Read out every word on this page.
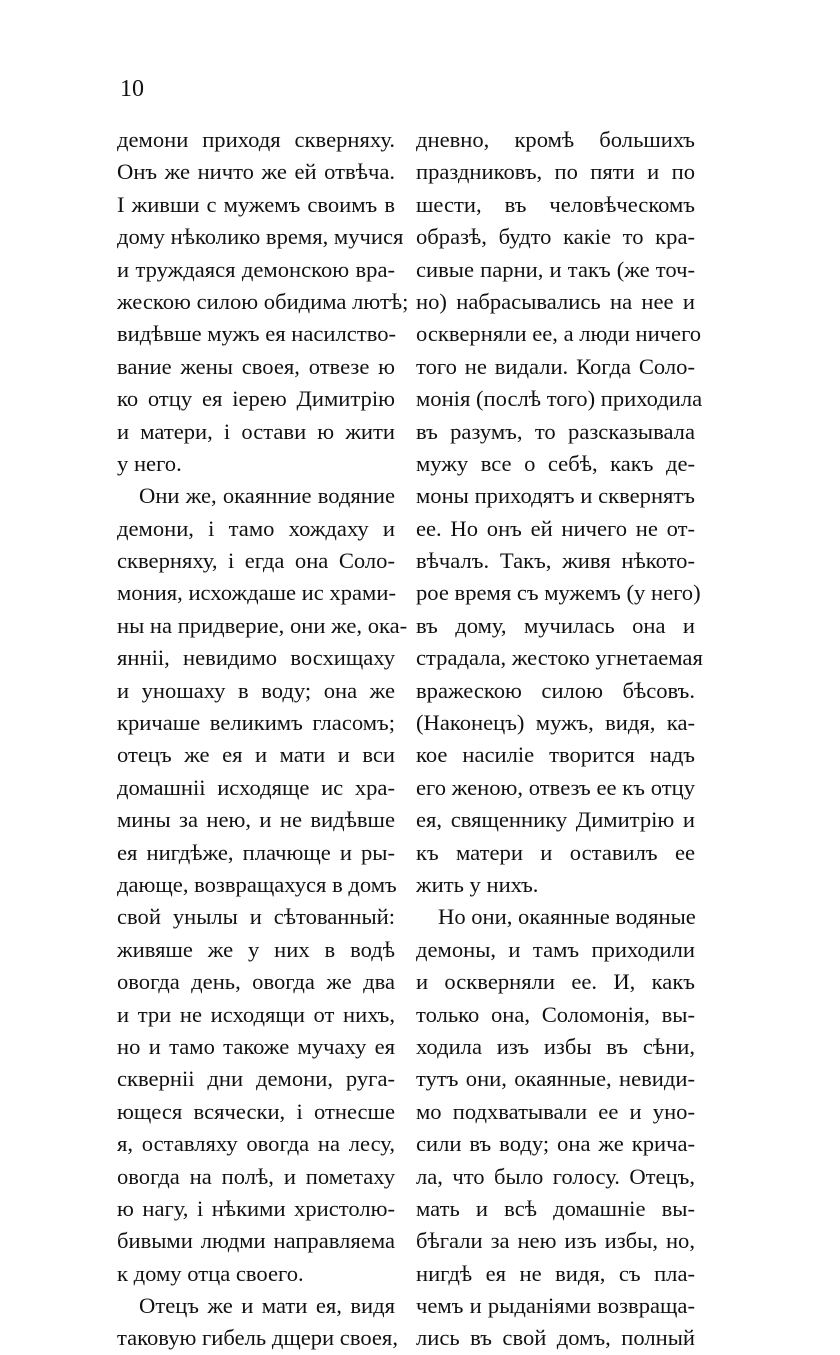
10
демони приходя скверняху.
Онъ же ничто же ей отвѣча.
І живши с мужемъ своимъ в
дому нѣколико время, мучися
и труждаяся демонскою вра-
жескою силою обидима лютѣ;
видѣвше мужъ ея насилство-
вание жены своея, отвезе ю
ко отцу ея іерею Димитрію
и матери, і остави ю жити
у него.
Они же, окаянние водяние
демони, і тамо хождаху и
скверняху, і егда она Соло-
мония, исхождаше ис храми-
ны на придверие, они же, ока-
янніі, невидимо восхищаху
и уношаху в воду; она же
кричаше великимъ гласомъ;
отецъ же ея и мати и вси
домашніі исходяще ис хра-
мины за нею, и не видѣвше
ея нигдѣже, плачюще и ры-
дающе, возвращахуся в домъ
свой унылы и сѣтованный:
живяше же у них в водѣ
овогда день, овогда же два
и три не исходящи от нихъ,
но и тамо такоже мучаху ея
скверніі дни демони, руга-
ющеся всячески, і отнесше
я, оставляху овогда на лесу,
овогда на полѣ, и пометаху
ю нагу, і нѣкими христолю-
бивыми людми направляема
к дому отца своего.
Отецъ же и мати ея, видя
таковую гибель дщери своея,
дневно, кромѣ большихъ
праздниковъ, по пяти и по
шести, въ человѣческомъ
образѣ, будто какіе то кра-
сивые парни, и такъ (же точ-
но) набрасывались на нее и
оскверняли ее, а люди ничего
того не видали. Когда Соло-
монія (послѣ того) приходила
въ разумъ, то разсказывала
мужу все о себѣ, какъ де-
моны приходятъ и сквернятъ
ее. Но онъ ей ничего не от-
вѣчалъ. Такъ, живя нѣкото-
рое время съ мужемъ (у него)
въ дому, мучилась она и
страдала, жестоко угнетаемая
вражескою силою бѣсовъ.
(Наконецъ) мужъ, видя, ка-
кое насиліе творится надъ
его женою, отвезъ ее къ отцу
ея, священнику Димитрію и
къ матери и оставилъ ее
жить у нихъ.
Но они, окаянные водяные
демоны, и тамъ приходили
и оскверняли ее. И, какъ
только она, Соломонія, вы-
ходила изъ избы въ сѣни,
тутъ они, окаянные, невиди-
мо подхватывали ее и уно-
сили въ воду; она же крича-
ла, что было голосу. Отецъ,
мать и всѣ домашніе вы-
бѣгали за нею изъ избы, но,
нигдѣ ея не видя, съ пла-
чемъ и рыданіями возвраща-
лись въ свой домъ, полный
